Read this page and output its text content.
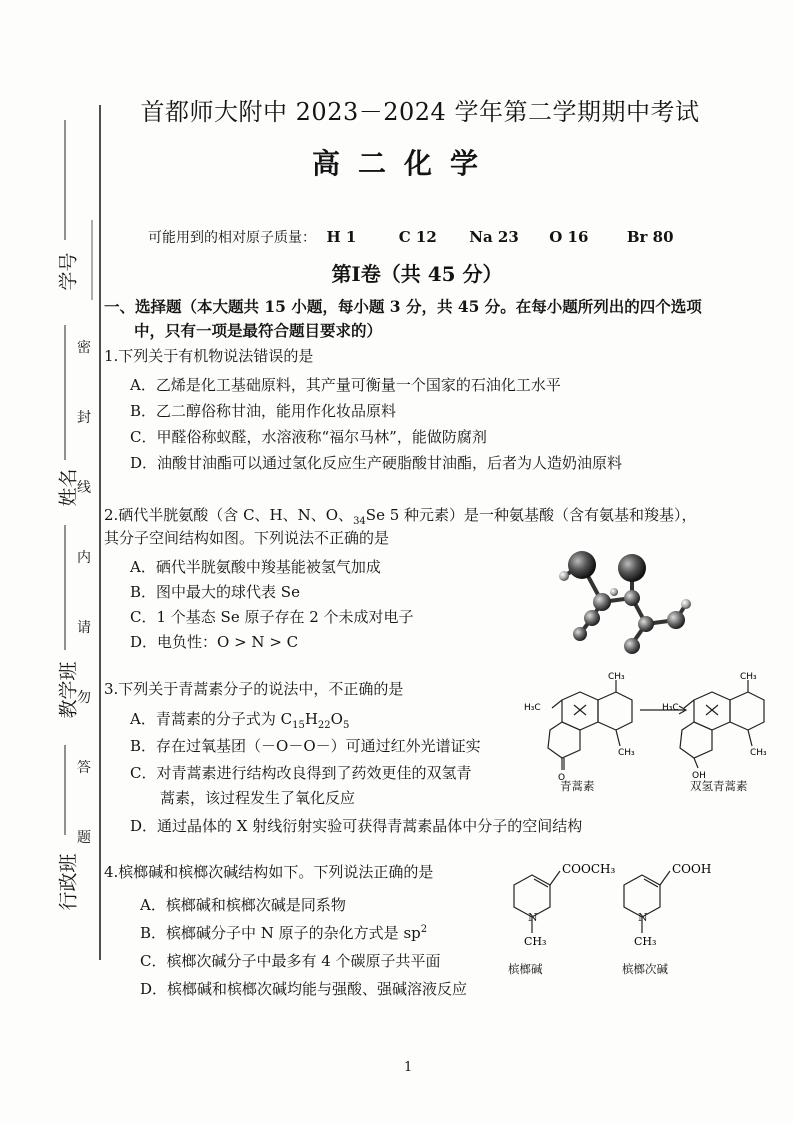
学号
姓名
教学班
行政班
密
封
线
内
请
勿
答
题
首都师大附中 2023－2024 学年第二学期期中考试
高二化学
可能用到的相对原子质量： H 1	C 12 Na 23 O 16	Br 80
第Ⅰ卷（共 45 分）
一、选择题（本大题共 15 小题，每小题 3 分，共 45 分。在每小题所列出的四个选项
中，只有一项是最符合题目要求的）
1.下列关于有机物说法错误的是
A．乙烯是化工基础原料，其产量可衡量一个国家的石油化工水平
B．乙二醇俗称甘油，能用作化妆品原料
C．甲醛俗称蚁醛，水溶液称“福尔马林”，能做防腐剂
D．油酸甘油酯可以通过氢化反应生产硬脂酸甘油酯，后者为人造奶油原料
2.硒代半胱氨酸（含 C、H、N、O、$_{34}$Se 5 种元素）是一种氨基酸（含有氨基和羧基），
其分子空间结构如图。下列说法不正确的是
A．硒代半胱氨酸中羧基能被氢气加成
B．图中最大的球代表 Se
C．1 个基态 Se 原子存在 2 个未成对电子
D．电负性：O > N > C
3.下列关于青蒿素分子的说法中，不正确的是
A．青蒿素的分子式为 $C_{15}H_{22}O_5$
B．存在过氧基团（－O－O－）可通过红外光谱证实
C．对青蒿素进行结构改良得到了药效更佳的双氢青
蒿素，该过程发生了氧化反应
D．通过晶体的 X 射线衍射实验可获得青蒿素晶体中分子的空间结构
H₃C
CH₃
CH₃
O
H₃C
CH₃
CH₃
OH
青蒿素	双氢青蒿素
4.槟榔碱和槟榔次碱结构如下。下列说法正确的是
A．槟榔碱和槟榔次碱是同系物
B．槟榔碱分子中 N 原子的杂化方式是 $sp^2$
C．槟榔次碱分子中最多有 4 个碳原子共平面
D．槟榔碱和槟榔次碱均能与强酸、强碱溶液反应
COOCH₃	COOH
N	N
CH₃	CH₃
槟榔碱	槟榔次碱
1
